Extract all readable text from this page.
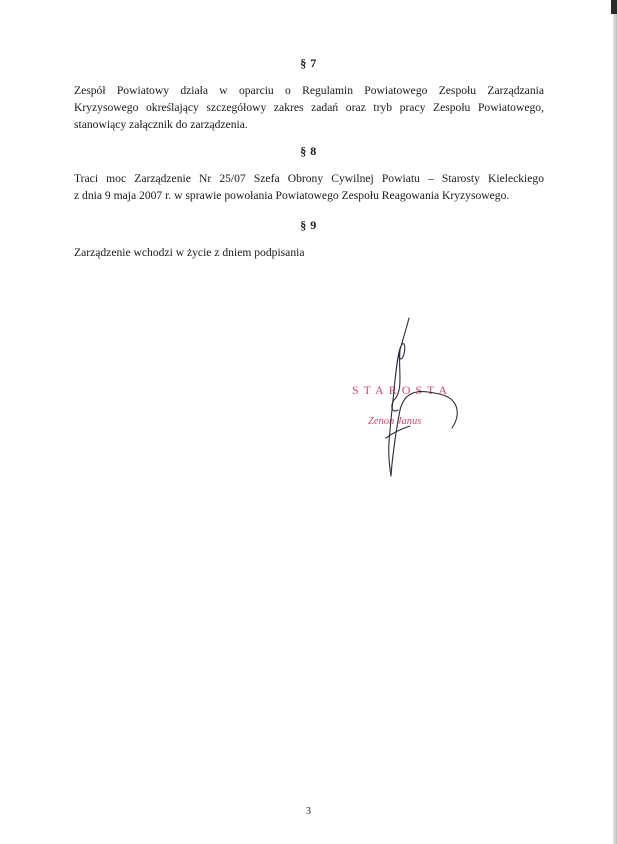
§ 7
Zespół Powiatowy działa w oparciu o Regulamin Powiatowego Zespołu Zarządzania
Kryzysowego określający szczegółowy zakres zadań oraz tryb pracy Zespołu Powiatowego,
stanowiący załącznik do zarządzenia.
§ 8
Traci moc Zarządzenie Nr 25/07 Szefa Obrony Cywilnej Powiatu – Starosty Kieleckiego
z dnia 9 maja 2007 r. w sprawie powołania Powiatowego Zespołu Reagowania Kryzysowego.
§ 9
Zarządzenie wchodzi w życie z dniem podpisania
STAROSTA
Zenon Janus
3
